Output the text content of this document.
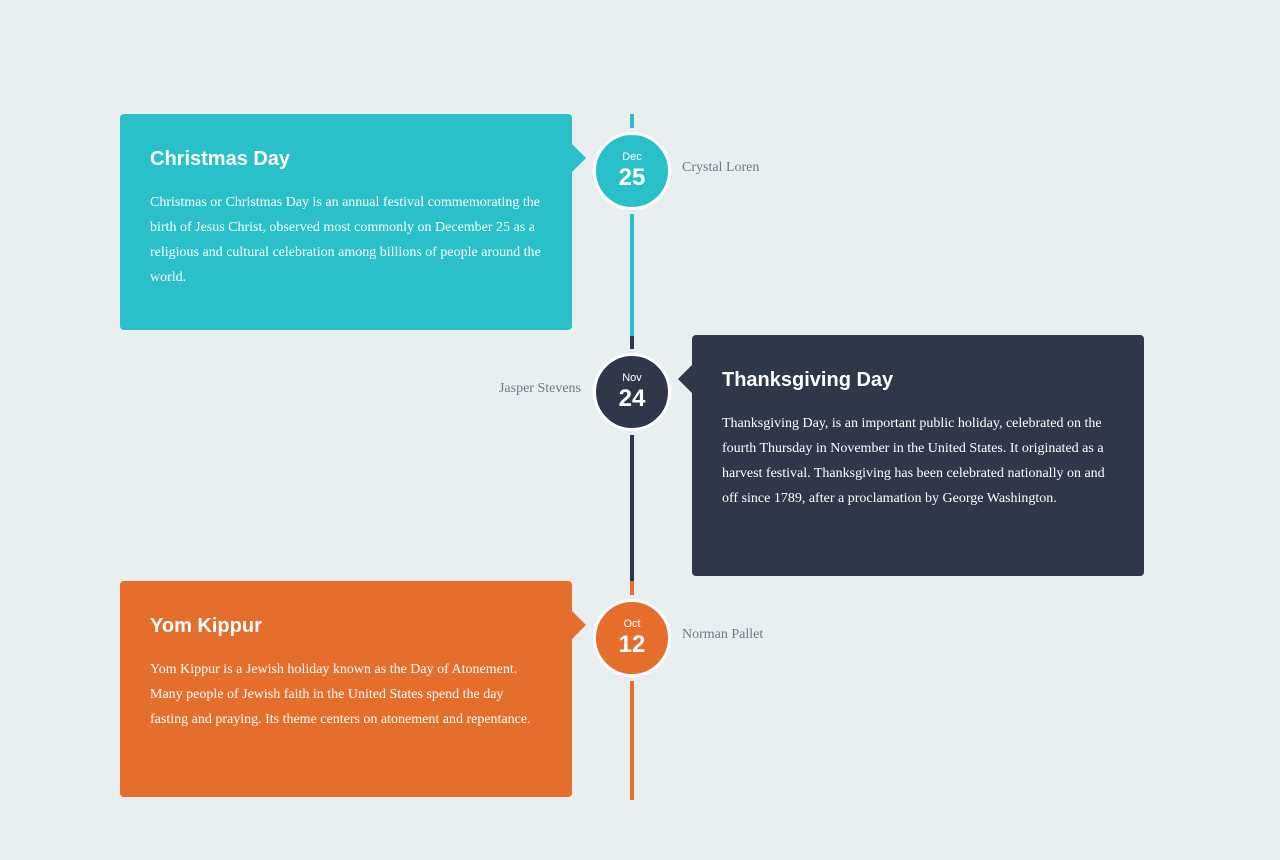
Christmas Day

Christmas or Christmas Day is an annual festival commemorating the birth of Jesus Christ, observed most commonly on December 25 as a religious and cultural celebration among billions of people around the world.

Dec
25	Crystal Loren
Thanksgiving Day

Thanksgiving Day, is an important public holiday, celebrated on the fourth Thursday in November in the United States. It originated as a harvest festival. Thanksgiving has been celebrated nationally on and off since 1789, after a proclamation by George Washington.

Nov
24
Jasper Stevens
Yom Kippur

Yom Kippur is a Jewish holiday known as the Day of Atonement. Many people of Jewish faith in the United States spend the day fasting and praying. Its theme centers on atonement and repentance.

Oct
12	Norman Pallet
